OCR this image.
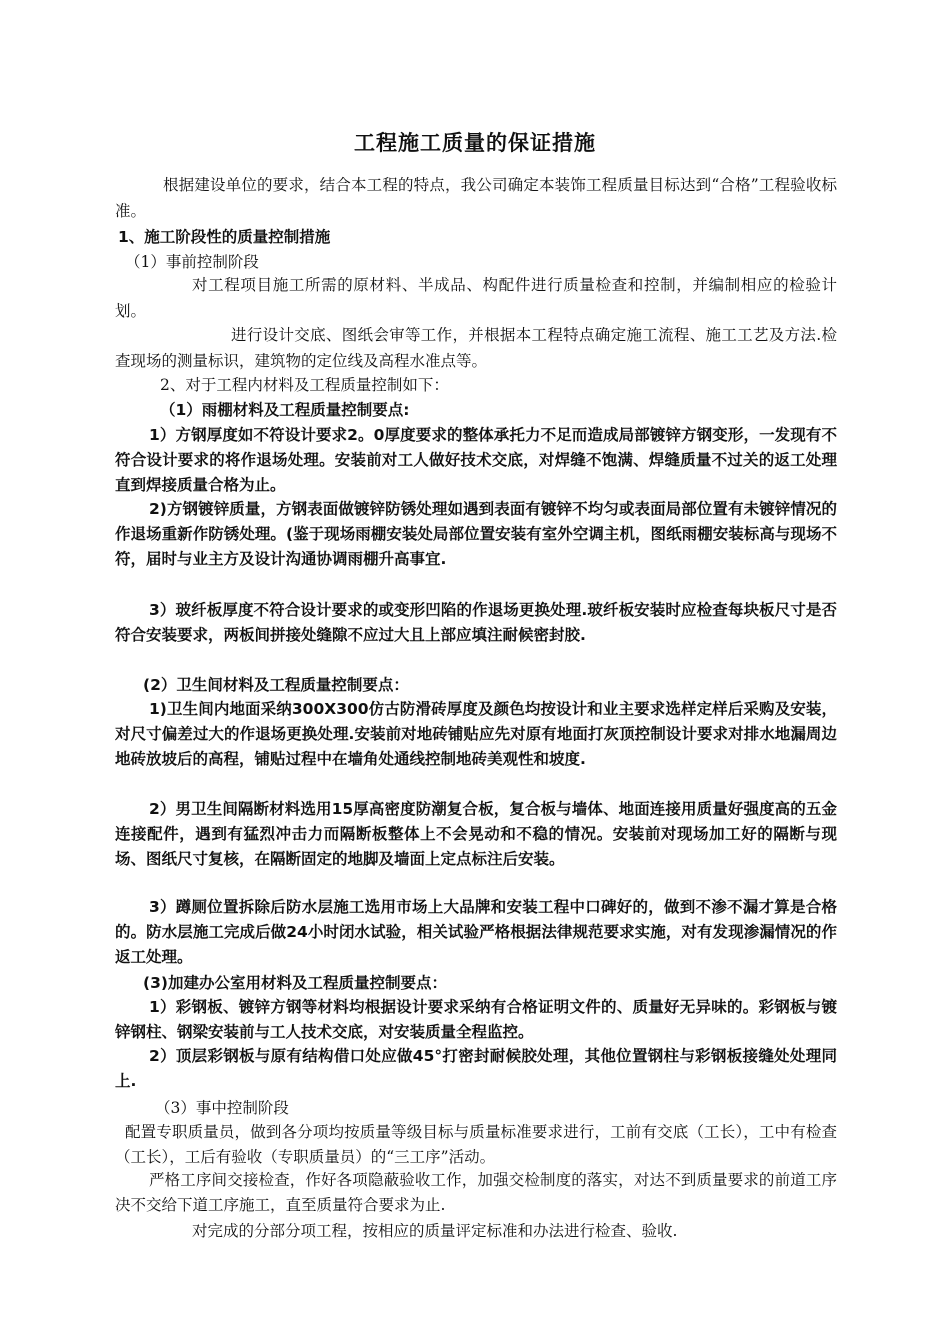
工程施工质量的保证措施
根据建设单位的要求，结合本工程的特点，我公司确定本装饰工程质量目标达到“合格”工程验收标准。
1、施工阶段性的质量控制措施
（1）事前控制阶段
对工程项目施工所需的原材料、半成品、构配件进行质量检查和控制，并编制相应的检验计划。
进行设计交底、图纸会审等工作，并根据本工程特点确定施工流程、施工工艺及方法.检查现场的测量标识，建筑物的定位线及高程水准点等。
2、对于工程内材料及工程质量控制如下：
（1）雨棚材料及工程质量控制要点:
1）方钢厚度如不符设计要求2。0厚度要求的整体承托力不足而造成局部镀锌方钢变形，一发现有不符合设计要求的将作退场处理。安装前对工人做好技术交底，对焊缝不饱满、焊缝质量不过关的返工处理直到焊接质量合格为止。
2)方钢镀锌质量，方钢表面做镀锌防锈处理如遇到表面有镀锌不均匀或表面局部位置有未镀锌情况的作退场重新作防锈处理。(鉴于现场雨棚安装处局部位置安装有室外空调主机，图纸雨棚安装标高与现场不符，届时与业主方及设计沟通协调雨棚升高事宜.
3）玻纤板厚度不符合设计要求的或变形凹陷的作退场更换处理.玻纤板安装时应检查每块板尺寸是否符合安装要求，两板间拼接处缝隙不应过大且上部应填注耐候密封胶.
(2）卫生间材料及工程质量控制要点：
1)卫生间内地面采纳300X300仿古防滑砖厚度及颜色均按设计和业主要求选样定样后采购及安装，对尺寸偏差过大的作退场更换处理.安装前对地砖铺贴应先对原有地面打灰顶控制设计要求对排水地漏周边地砖放坡后的高程，铺贴过程中在墙角处通线控制地砖美观性和坡度.
2）男卫生间隔断材料选用15厚高密度防潮复合板，复合板与墙体、地面连接用质量好强度高的五金连接配件，遇到有猛烈冲击力而隔断板整体上不会晃动和不稳的情况。安装前对现场加工好的隔断与现场、图纸尺寸复核，在隔断固定的地脚及墙面上定点标注后安装。
3）蹲厕位置拆除后防水层施工选用市场上大品牌和安装工程中口碑好的，做到不渗不漏才算是合格的。防水层施工完成后做24小时闭水试验，相关试验严格根据法律规范要求实施，对有发现渗漏情况的作返工处理。
(3)加建办公室用材料及工程质量控制要点：
1）彩钢板、镀锌方钢等材料均根据设计要求采纳有合格证明文件的、质量好无异味的。彩钢板与镀锌钢柱、钢梁安装前与工人技术交底，对安装质量全程监控。
2）顶层彩钢板与原有结构借口处应做45°打密封耐候胶处理，其他位置钢柱与彩钢板接缝处处理同上.
（3）事中控制阶段
配置专职质量员，做到各分项均按质量等级目标与质量标准要求进行，工前有交底（工长），工中有检查（工长），工后有验收（专职质量员）的“三工序”活动。
严格工序间交接检查，作好各项隐蔽验收工作，加强交检制度的落实，对达不到质量要求的前道工序决不交给下道工序施工，直至质量符合要求为止.
对完成的分部分项工程，按相应的质量评定标准和办法进行检查、验收.
